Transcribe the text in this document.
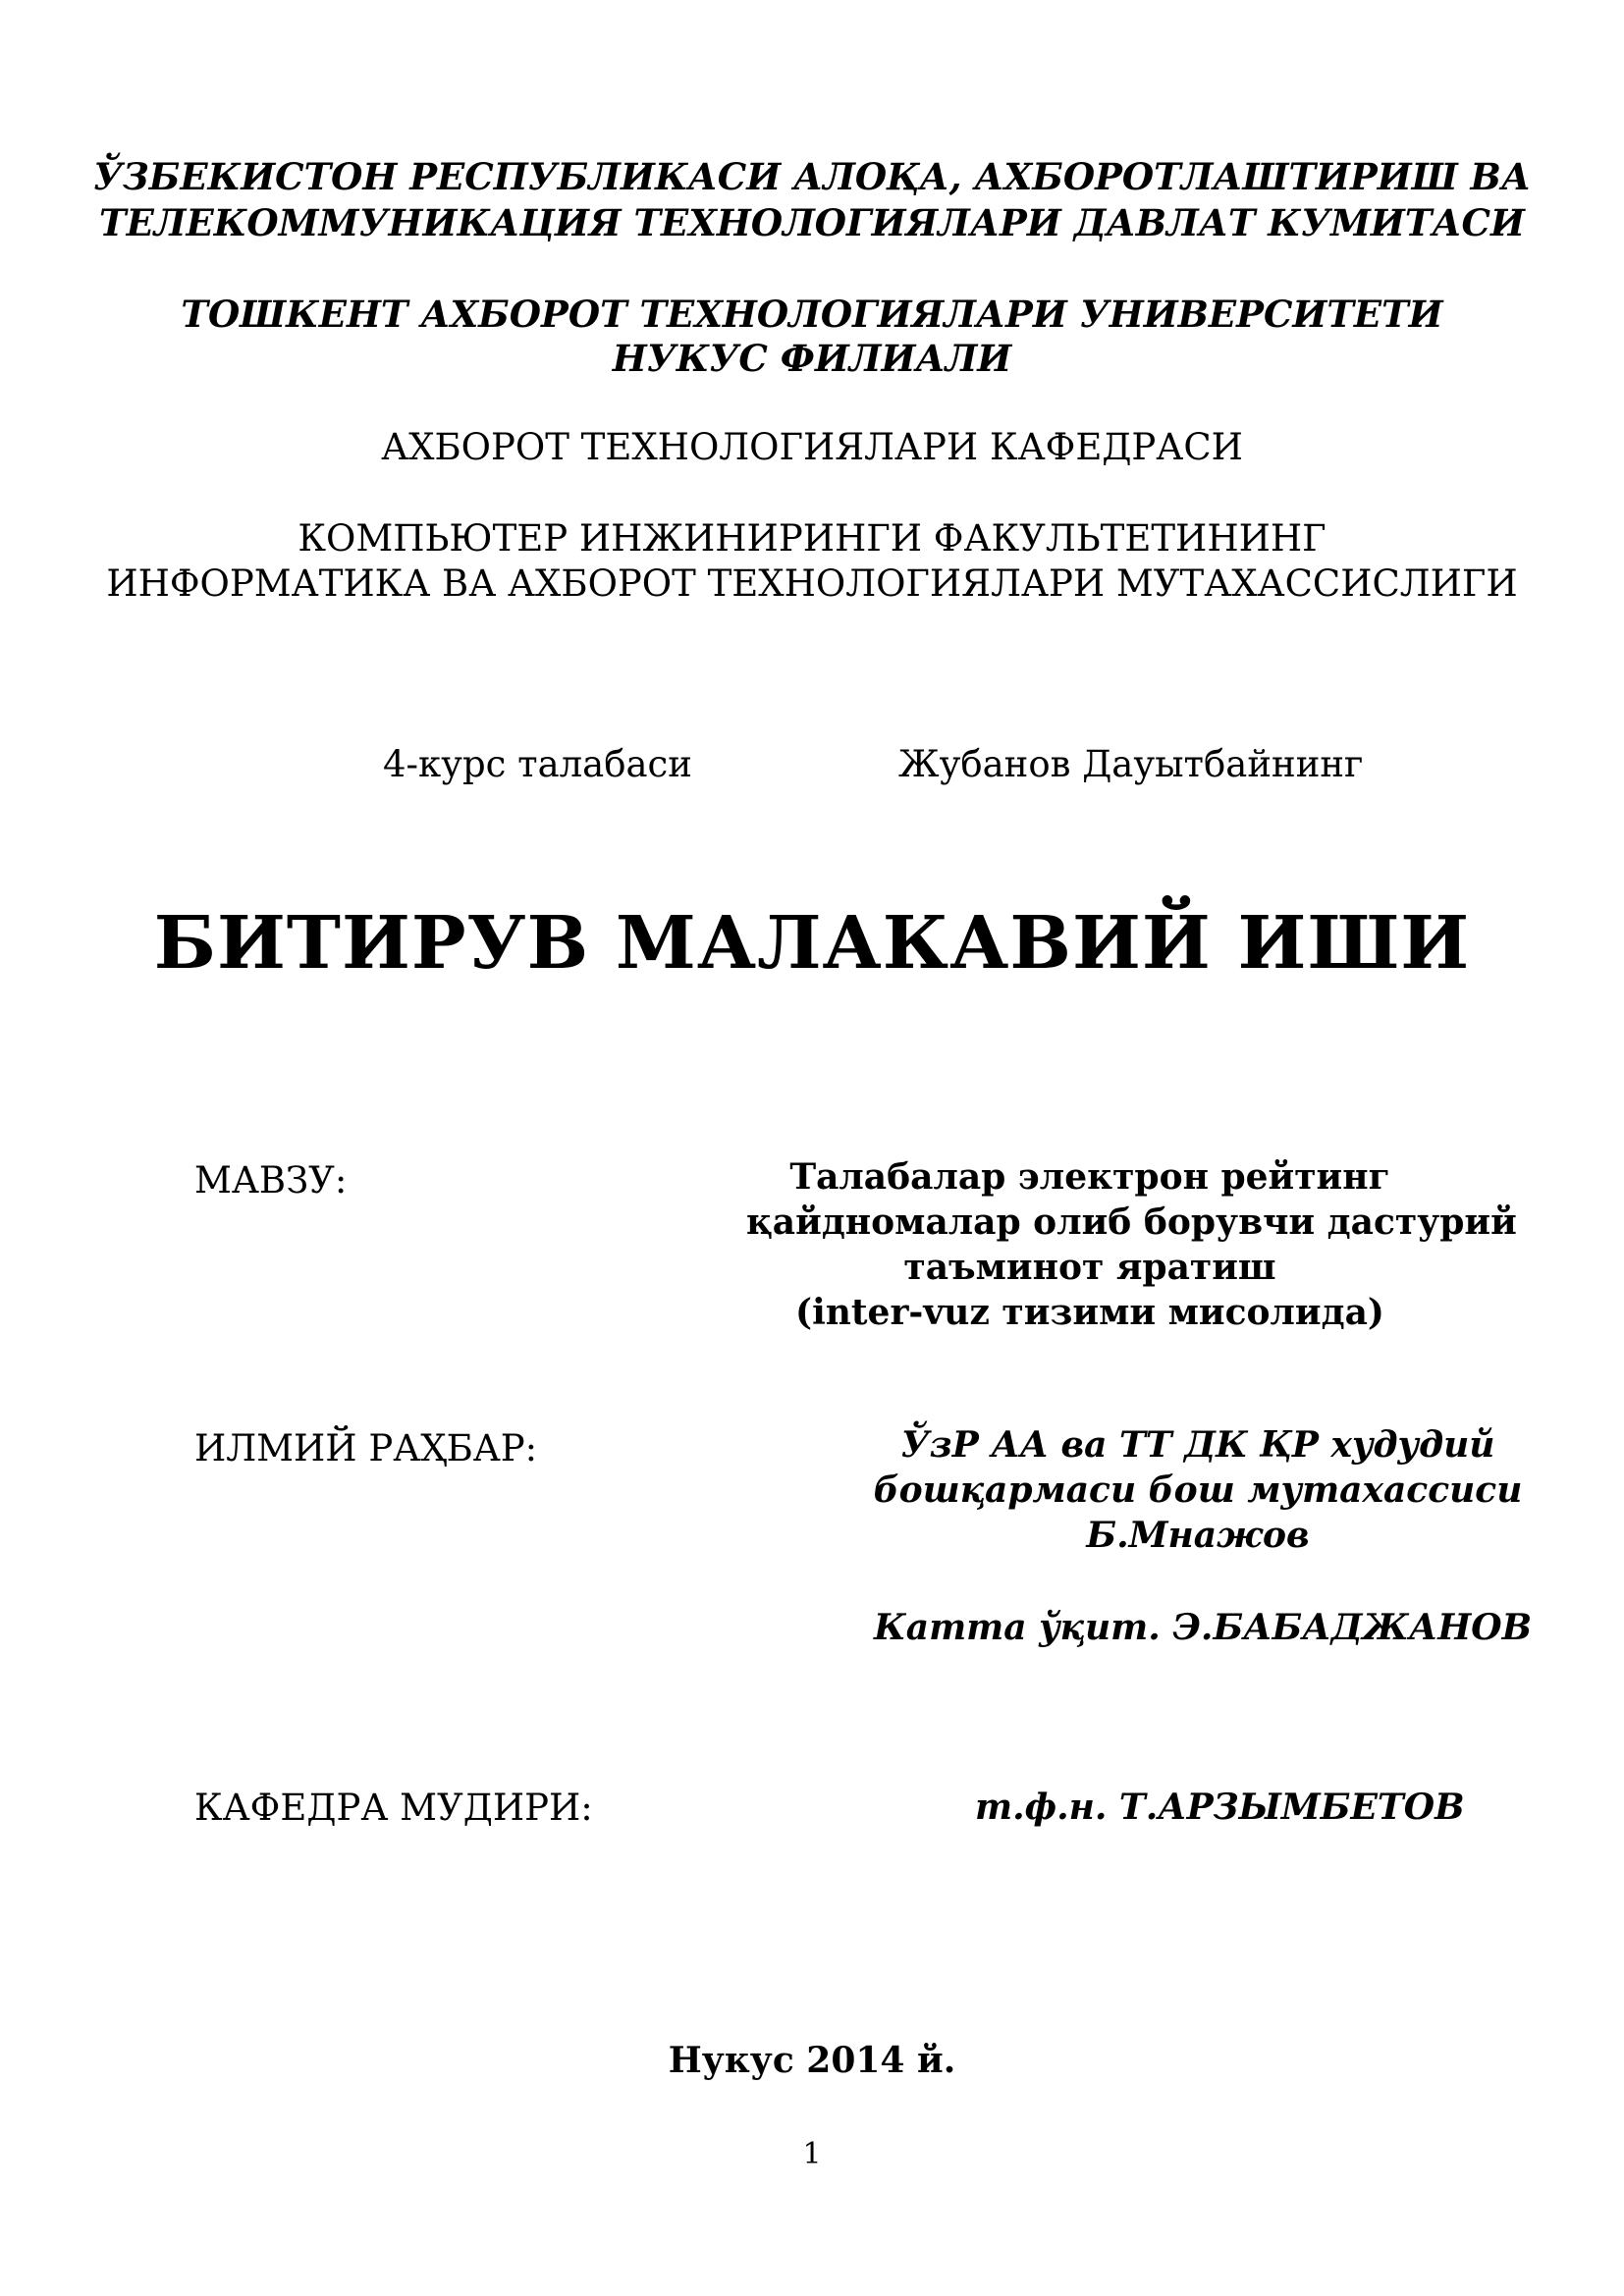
ЎЗБЕКИСТОН РЕСПУБЛИКАСИ АЛОҚА, АХБОРОТЛАШТИРИШ ВА
ТЕЛЕКОММУНИКАЦИЯ ТЕХНОЛОГИЯЛАРИ ДАВЛАТ КУМИТАСИ
ТОШКЕНТ АХБОРОТ ТЕХНОЛОГИЯЛАРИ УНИВЕРСИТЕТИ
НУКУС ФИЛИАЛИ
АХБОРОТ ТЕХНОЛОГИЯЛАРИ КАФЕДРАСИ
КОМПЬЮТЕР ИНЖИНИРИНГИ ФАКУЛЬТЕТИНИНГ
ИНФОРМАТИКА ВА АХБОРОТ ТЕХНОЛОГИЯЛАРИ МУТАХАССИСЛИГИ
4-курс талабаси	Жубанов Дауытбайнинг
БИТИРУВ МАЛАКАВИЙ ИШИ
МАВЗУ:	Талабалар электрон рейтинг
қайдномалар олиб борувчи дастурий
таъминот яратиш
(inter-vuz тизими мисолида)
ИЛМИЙ РАҲБАР:	ЎзР АА ва ТТ ДК ҚР худудий
бошқармаси бош мутахассиси
Б.Мнажов
Катта ўқит. Э.БАБАДЖАНОВ
КАФЕДРА МУДИРИ:	т.ф.н. Т.АРЗЫМБЕТОВ
Нукус 2014 й.
1
